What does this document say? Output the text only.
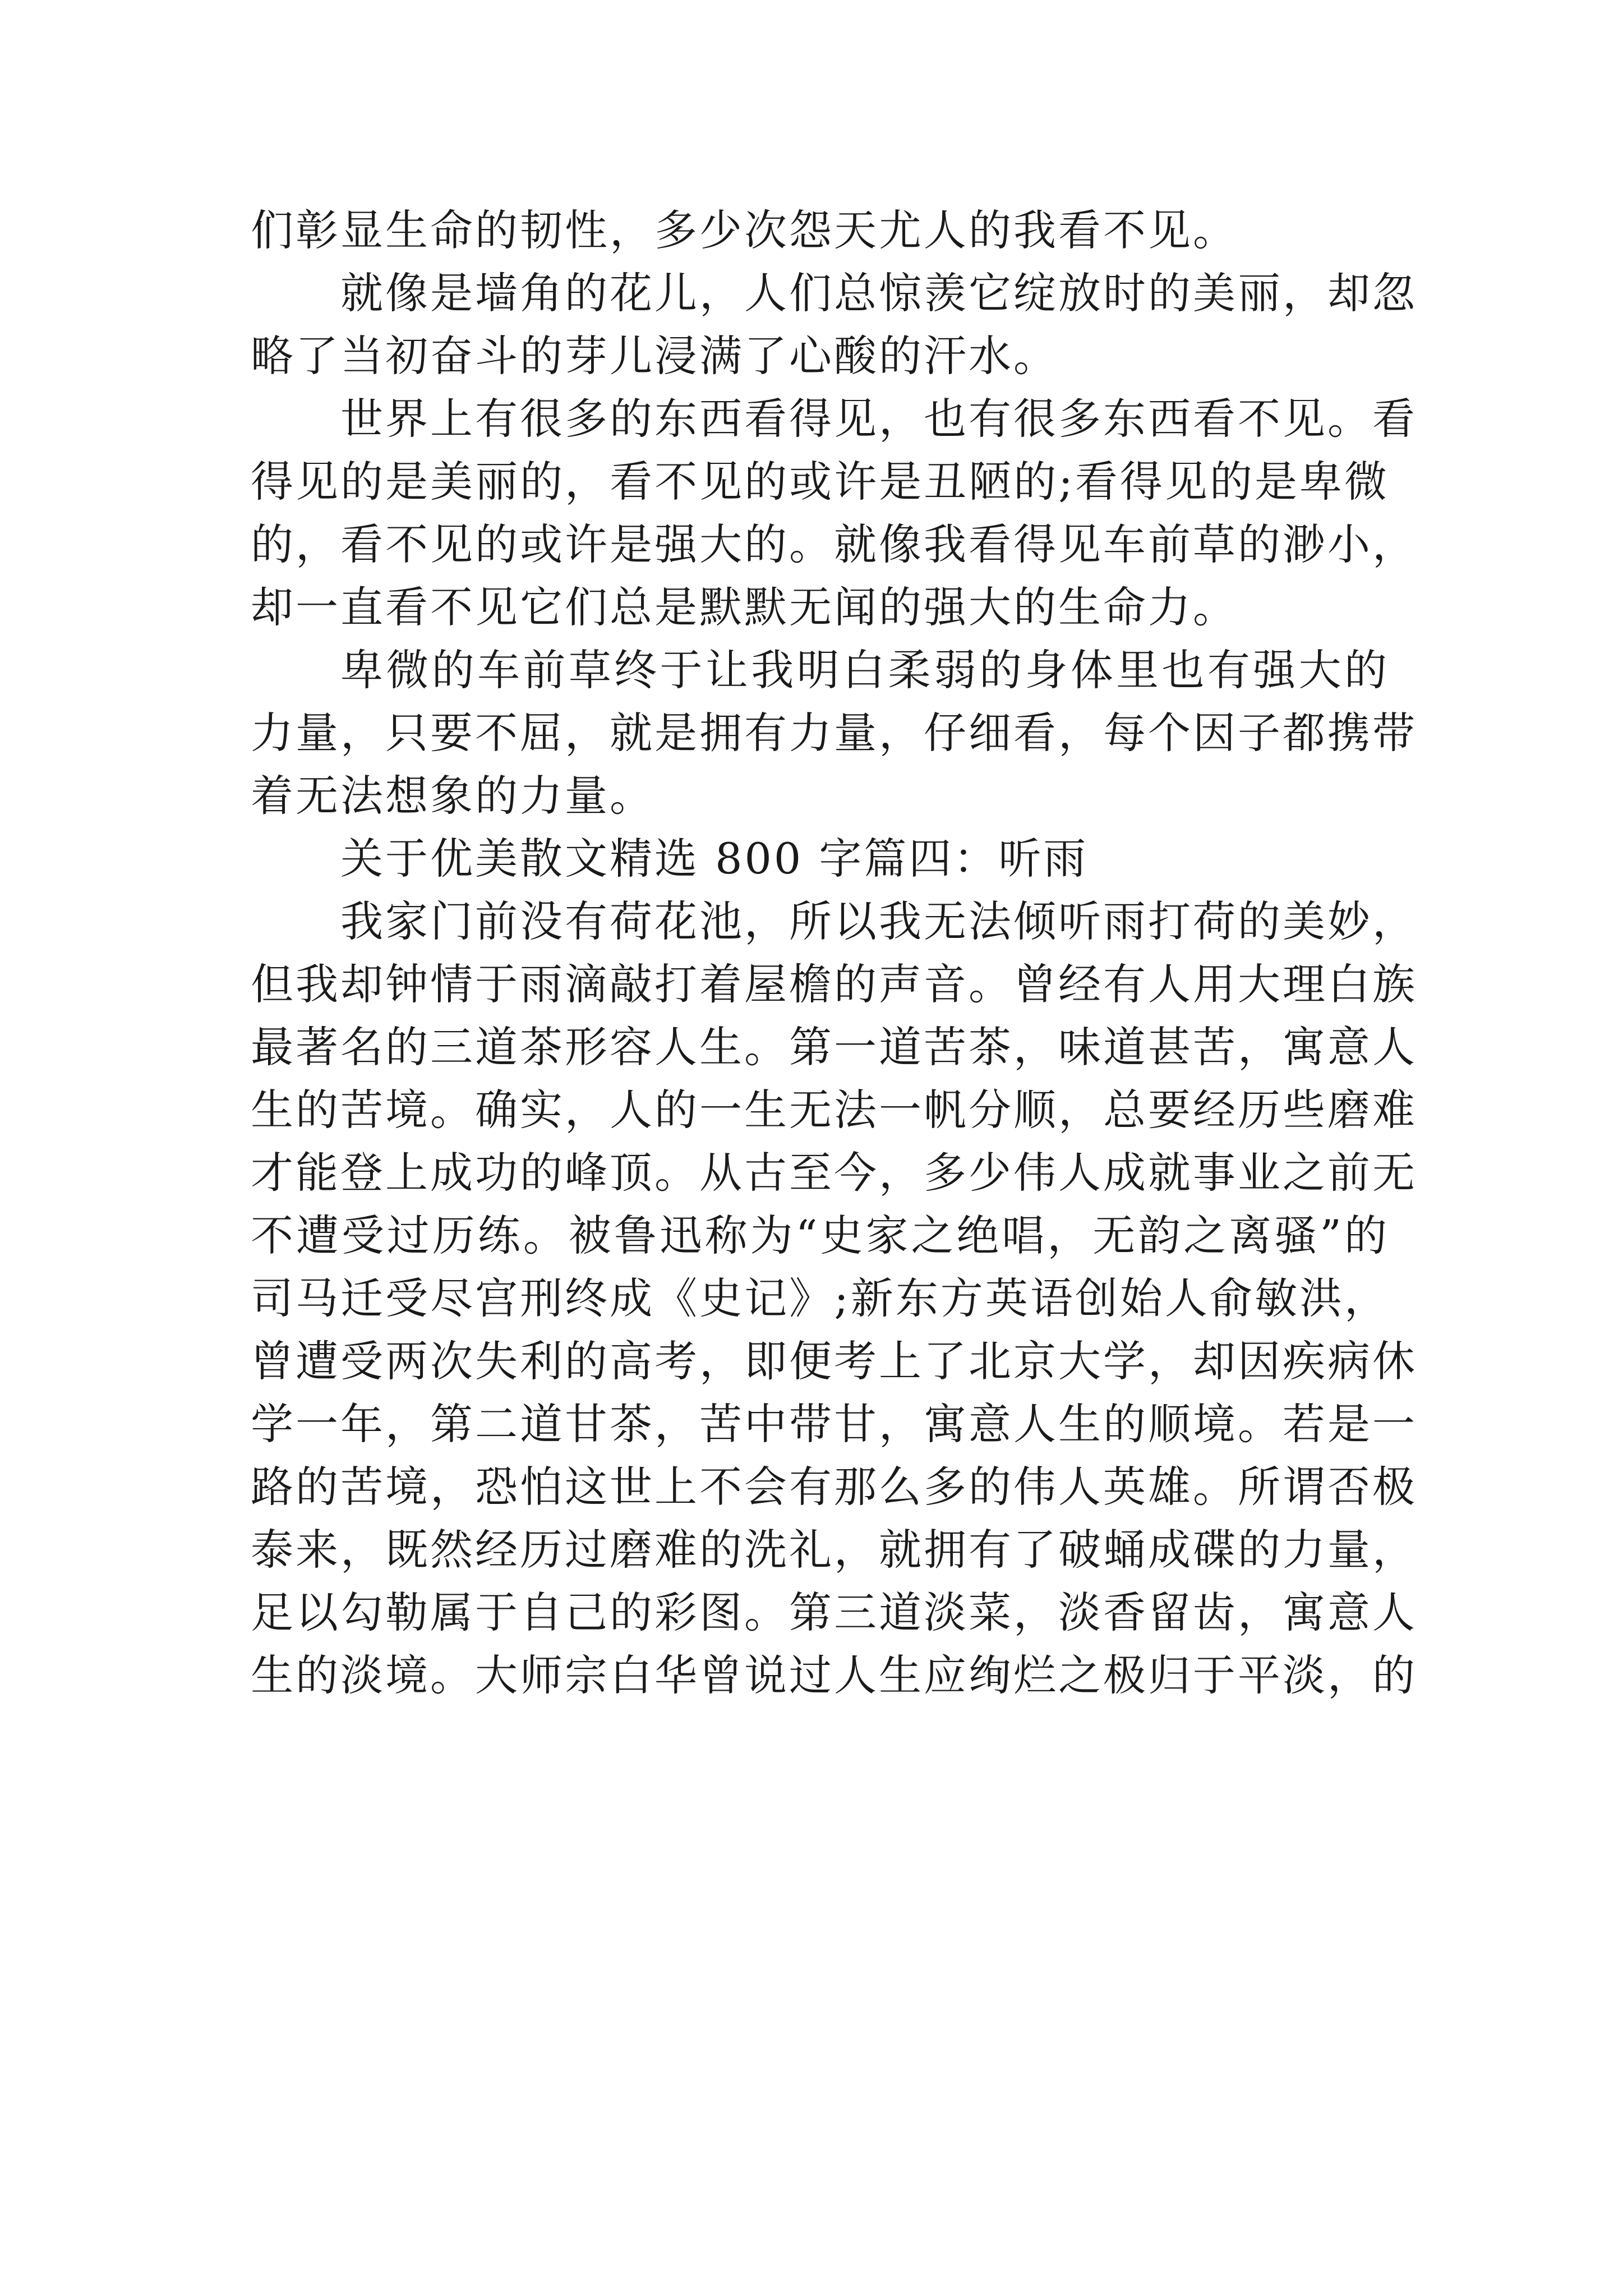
们彰显生命的韧性，多少次怨天尤人的我看不见。
就像是墙角的花儿，人们总惊羡它绽放时的美丽，却忽
略了当初奋斗的芽儿浸满了心酸的汗水。
世界上有很多的东西看得见，也有很多东西看不见。看
得见的是美丽的，看不见的或许是丑陋的;看得见的是卑微
的，看不见的或许是强大的。就像我看得见车前草的渺小，
却一直看不见它们总是默默无闻的强大的生命力。
卑微的车前草终于让我明白柔弱的身体里也有强大的
力量，只要不屈，就是拥有力量，仔细看，每个因子都携带
着无法想象的力量。
关于优美散文精选 800 字篇四：听雨
我家门前没有荷花池，所以我无法倾听雨打荷的美妙，
但我却钟情于雨滴敲打着屋檐的声音。曾经有人用大理白族
最著名的三道茶形容人生。第一道苦茶，味道甚苦，寓意人
生的苦境。确实，人的一生无法一帆分顺，总要经历些磨难
才能登上成功的峰顶。从古至今，多少伟人成就事业之前无
不遭受过历练。被鲁迅称为“史家之绝唱，无韵之离骚”的
司马迁受尽宫刑终成《史记》;新东方英语创始人俞敏洪，
曾遭受两次失利的高考，即便考上了北京大学，却因疾病休
学一年，第二道甘茶，苦中带甘，寓意人生的顺境。若是一
路的苦境，恐怕这世上不会有那么多的伟人英雄。所谓否极
泰来，既然经历过磨难的洗礼，就拥有了破蛹成碟的力量，
足以勾勒属于自己的彩图。第三道淡菜，淡香留齿，寓意人
生的淡境。大师宗白华曾说过人生应绚烂之极归于平淡，的
